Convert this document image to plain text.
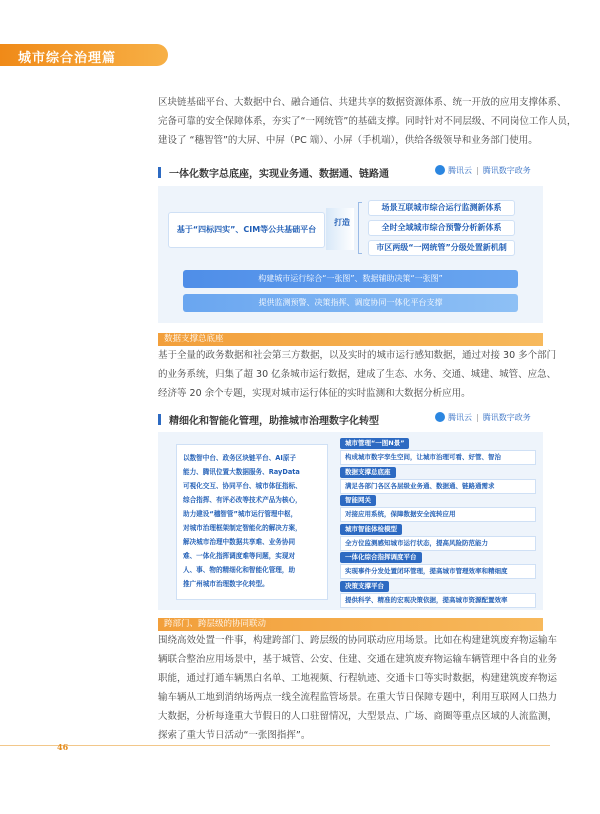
城市综合治理篇

区块链基础平台、大数据中台、融合通信、共建共享的数据资源体系、统一开放的应用支撑体系、

完备可靠的安全保障体系，夯实了“一网统管”的基础支撑。同时针对不同层级、不同岗位工作人员，

建设了 “穗智管”的大屏、中屏（PC 端）、小屏（手机端），供给各级领导和业务部门使用。

一体化数字总底座，实现业务通、数据通、链路通	腾讯云 | 腾讯数字政务
基于“四标四实”、CIM等公共基础平台
打造
场景互联城市综合运行监测新体系
全时全域城市综合预警分析新体系
市区两级“一网统管”分级处置新机制
构建城市运行综合“一张图”、数据辅助决策“一张图”
提供监测预警、决策指挥、调度协同一体化平台支撑
数据支撑总底座

基于全量的政务数据和社会第三方数据，以及实时的城市运行感知数据，通过对接 30 多个部门

的业务系统，归集了超 30 亿条城市运行数据，建成了生态、水务、交通、城建、城管、应急、

经济等 20 余个专题，实现对城市运行体征的实时监测和大数据分析应用。

精细化和智能化管理，助推城市治理数字化转型	腾讯云 | 腾讯数字政务
以数智中台、政务区块链平台、AI原子
能力、腾讯位置大数据服务、RayData
可視化交互、协同平台、城市体征指标、
综合指挥、有评必改等技术产品为核心，
助力建设“穗智管”城市运行管理中枢，
对城市治理框架制定智能化的解决方案，
解决城市治理中数据共享难、业务协同
难、一体化指挥调度难等问题，实现对
人、事、物的精细化和智能化管理，助
推广州城市治理数字化转型。
城市管理“一图N景”
构成城市数字孪生空间，让城市治理可看、好管、智治
数据支撑总底座
满足各部门各区各层级业务通、数据通、链路通需求
智能网关
对接应用系统，保障数据安全流转应用
城市智能体检模型
全方位监测感知城市运行状态，提高风险防范能力
一体化综合指挥调度平台
实现事件分发处置闭环管理，提高城市管理效率和精细度
决策支撑平台
提供科学、精准的宏观决策依据，提高城市资源配置效率
跨部门、跨层级的协同联动

围绕高效处置一件事，构建跨部门、跨层级的协同联动应用场景。比如在构建建筑废弃物运输车

辆联合整治应用场景中，基于城管、公安、住建、交通在建筑废弃物运输车辆管理中各自的业务

职能，通过打通车辆黑白名单、工地视频、行程轨迹、交通卡口等实时数据，构建建筑废弃物运

输车辆从工地到消纳场两点一线全流程监管场景。在重大节日保障专题中，利用互联网人口热力

大数据，分析每逢重大节假日的人口驻留情况，大型景点、广场、商圈等重点区域的人流监测，

探索了重大节日活动“一张图指挥”。

46
